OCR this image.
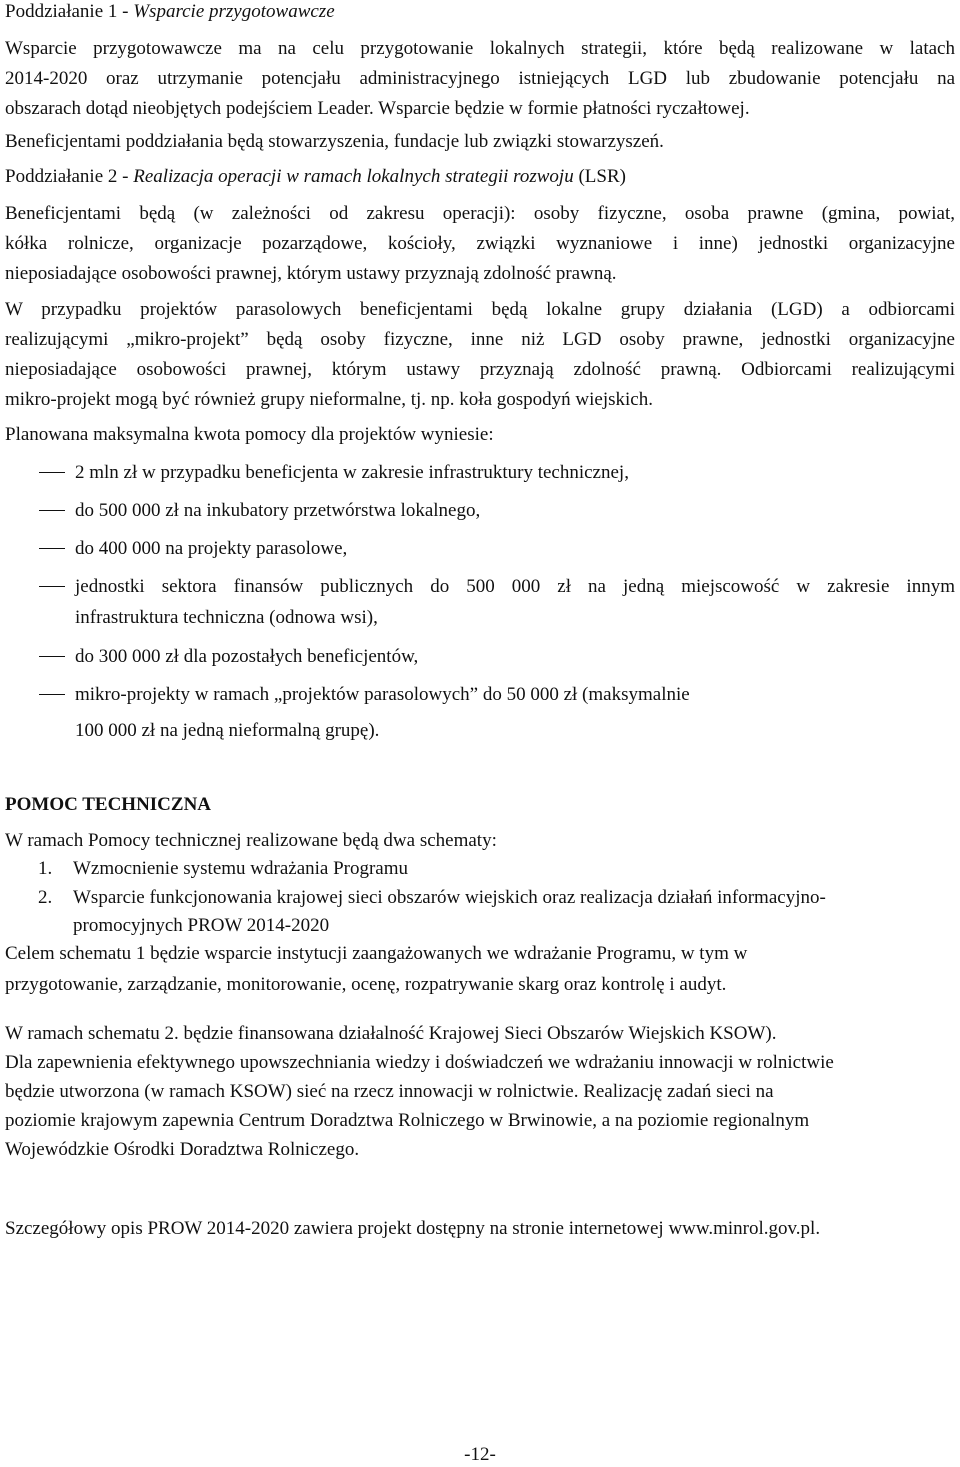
Poddziałanie 1 - Wsparcie przygotowawcze
Wsparcie przygotowawcze ma na celu przygotowanie lokalnych strategii, które będą realizowane w latach
2014-2020 oraz utrzymanie potencjału administracyjnego istniejących LGD lub zbudowanie potencjału na
obszarach dotąd nieobjętych podejściem Leader. Wsparcie będzie w formie płatności ryczałtowej.
Beneficjentami poddziałania będą stowarzyszenia, fundacje lub związki stowarzyszeń.
Poddziałanie 2 - Realizacja operacji w ramach lokalnych strategii rozwoju (LSR)
Beneficjentami będą (w zależności od zakresu operacji): osoby fizyczne, osoba prawne (gmina, powiat,
kółka rolnicze, organizacje pozarządowe, kościoły, związki wyznaniowe i inne) jednostki organizacyjne
nieposiadające osobowości prawnej, którym ustawy przyznają zdolność prawną.
W przypadku projektów parasolowych beneficjentami będą lokalne grupy działania (LGD) a odbiorcami
realizującymi „mikro-projekt” będą osoby fizyczne, inne niż LGD osoby prawne, jednostki organizacyjne
nieposiadające osobowości prawnej, którym ustawy przyznają zdolność prawną. Odbiorcami realizującymi
mikro-projekt mogą być również grupy nieformalne, tj. np. koła gospodyń wiejskich.
Planowana maksymalna kwota pomocy dla projektów wyniesie:
2 mln zł w przypadku beneficjenta w zakresie infrastruktury technicznej,
do 500 000 zł na inkubatory przetwórstwa lokalnego,
do 400 000 na projekty parasolowe,
jednostki sektora finansów publicznych do 500 000 zł na jedną miejscowość w zakresie innym
infrastruktura techniczna (odnowa wsi),
do 300 000 zł dla pozostałych beneficjentów,
mikro-projekty w ramach „projektów parasolowych” do 50 000 zł (maksymalnie
100 000 zł na jedną nieformalną grupę).
POMOC TECHNICZNA
W ramach Pomocy technicznej realizowane będą dwa schematy:
1. Wzmocnienie systemu wdrażania Programu
2. Wsparcie funkcjonowania krajowej sieci obszarów wiejskich oraz realizacja działań informacyjno-
promocyjnych PROW 2014-2020
Celem schematu 1 będzie wsparcie instytucji zaangażowanych we wdrażanie Programu, w tym w
przygotowanie, zarządzanie, monitorowanie, ocenę, rozpatrywanie skarg oraz kontrolę i audyt.
W ramach schematu 2. będzie finansowana działalność Krajowej Sieci Obszarów Wiejskich KSOW).
Dla zapewnienia efektywnego upowszechniania wiedzy i doświadczeń we wdrażaniu innowacji w rolnictwie
będzie utworzona (w ramach KSOW) sieć na rzecz innowacji w rolnictwie. Realizację zadań sieci na
poziomie krajowym zapewnia Centrum Doradztwa Rolniczego w Brwinowie, a na poziomie regionalnym
Wojewódzkie Ośrodki Doradztwa Rolniczego.
Szczegółowy opis PROW 2014-2020 zawiera projekt dostępny na stronie internetowej www.minrol.gov.pl.
-12-
